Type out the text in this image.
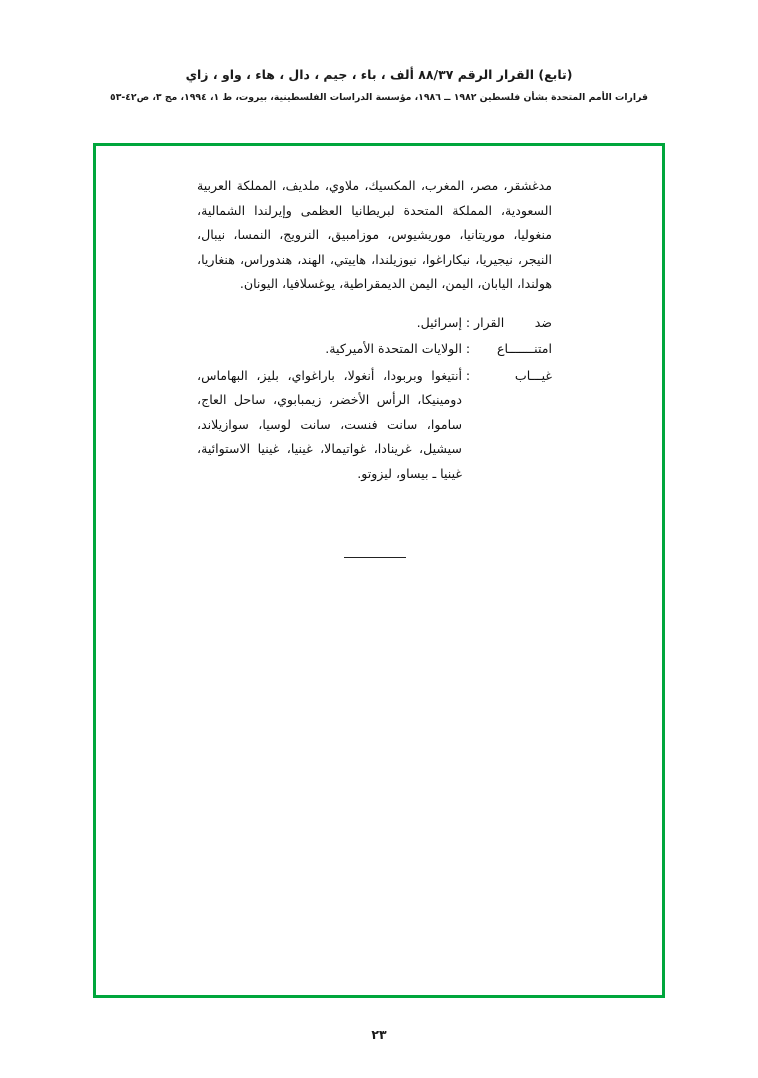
(تابع) القرار الرقم ٨٨/٣٧ ألف ، باء ، جيم ، دال ، هاء ، واو ، زاي
قرارات الأمم المتحدة بشأن فلسطين ١٩٨٢ ــ ١٩٨٦، مؤسسة الدراسات الفلسطينية، بيروت، ط ١، ١٩٩٤، مج ٣، ص٤٢-٥٣
مدغشقر، مصر، المغرب، المكسيك، ملاوي، ملديف، المملكة العربية السعودية، المملكة المتحدة لبريطانيا العظمى وإيرلندا الشمالية، منغوليا، موريتانيا، موريشيوس، موزامبيق، النرويج، النمسا، نيبال، النيجر، نيجيريا، نيكاراغوا، نيوزيلندا، هاييتي، الهند، هندوراس، هنغاريا، هولندا، اليابان، اليمن، اليمن الديمقراطية، يوغسلافيا، اليونان.
ضد القرار
:
إسرائيل.
امتنـــــــاع
:
الولايات المتحدة الأميركية.
غيـــاب
:
أنتيغوا وبربودا، أنغولا، باراغواي، بليز، البهاماس، دومينيكا، الرأس الأخضر، زيمبابوي، ساحل العاج، ساموا، سانت فنست، سانت لوسيا، سوازيلاند، سيشيل، غرينادا، غواتيمالا، غينيا، غينيا الاستوائية، غينيا ـ بيساو، ليزوتو.
٢٣
